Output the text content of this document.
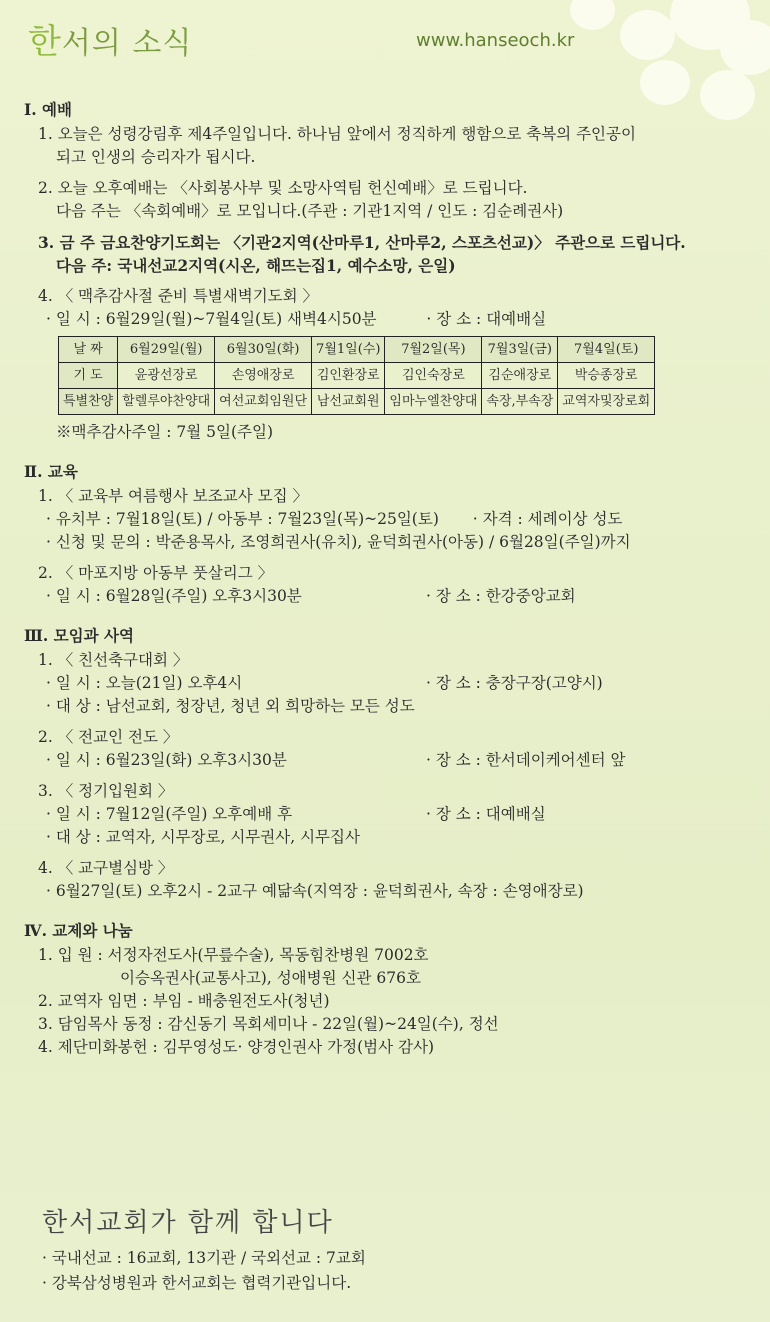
한서의 소식	www.hanseoch.kr
Ⅰ. 예배
1. 오늘은 성령강림후 제4주일입니다. 하나님 앞에서 정직하게 행함으로 축복의 주인공이
되고 인생의 승리자가 됩시다.
2. 오늘 오후예배는 〈사회봉사부 및 소망사역팀 헌신예배〉로 드립니다.
다음 주는 〈속회예배〉로 모입니다.(주관 : 기관1지역 / 인도 : 김순례권사)
3. 금 주 금요찬양기도회는 〈기관2지역(산마루1, 산마루2, 스포츠선교)〉 주관으로 드립니다.
다음 주: 국내선교2지역(시온, 해뜨는집1, 예수소망, 은일)
4. 〈 맥추감사절 준비 특별새벽기도회 〉
· 일 시 : 6월29일(월)~7월4일(토) 새벽4시50분	· 장 소 : 대예배실
날 짜	6월29일(월)	6월30일(화)	7월1일(수)	7월2일(목)	7월3일(금)	7월4일(토)
기 도	윤광선장로	손영애장로	김인환장로	김인숙장로	김순애장로	박승종장로
특별찬양	할렐루야찬양대	여선교회임원단	남선교회원	임마누엘찬양대	속장,부속장	교역자및장로회
※맥추감사주일 : 7월 5일(주일)
Ⅱ. 교육
1. 〈 교육부 여름행사 보조교사 모집 〉
· 유치부 : 7월18일(토) / 아동부 : 7월23일(목)~25일(토) · 자격 : 세례이상 성도
· 신청 및 문의 : 박준용목사, 조영희권사(유치), 윤덕희권사(아동) / 6월28일(주일)까지
2. 〈 마포지방 아동부 풋살리그 〉
· 일 시 : 6월28일(주일) 오후3시30분	· 장 소 : 한강중앙교회
Ⅲ. 모임과 사역
1. 〈 친선축구대회 〉
· 일 시 : 오늘(21일) 오후4시	· 장 소 : 충장구장(고양시)
· 대 상 : 남선교회, 청장년, 청년 외 희망하는 모든 성도
2. 〈 전교인 전도 〉
· 일 시 : 6월23일(화) 오후3시30분	· 장 소 : 한서데이케어센터 앞
3. 〈 정기입원회 〉
· 일 시 : 7월12일(주일) 오후예배 후	· 장 소 : 대예배실
· 대 상 : 교역자, 시무장로, 시무권사, 시무집사
4. 〈 교구별심방 〉
· 6월27일(토) 오후2시 - 2교구 예닮속(지역장 : 윤덕희권사, 속장 : 손영애장로)
Ⅳ. 교제와 나눔
1. 입 원 : 서정자전도사(무릎수술), 목동힘찬병원 7002호
이승옥권사(교통사고), 성애병원 신관 676호
2. 교역자 임면 : 부임 - 배충원전도사(청년)
3. 담임목사 동정 : 감신동기 목회세미나 - 22일(월)~24일(수), 정선
4. 제단미화봉헌 : 김무영성도· 양경인권사 가정(범사 감사)
한서교회가 함께 합니다
· 국내선교 : 16교회, 13기관 / 국외선교 : 7교회
· 강북삼성병원과 한서교회는 협력기관입니다.
